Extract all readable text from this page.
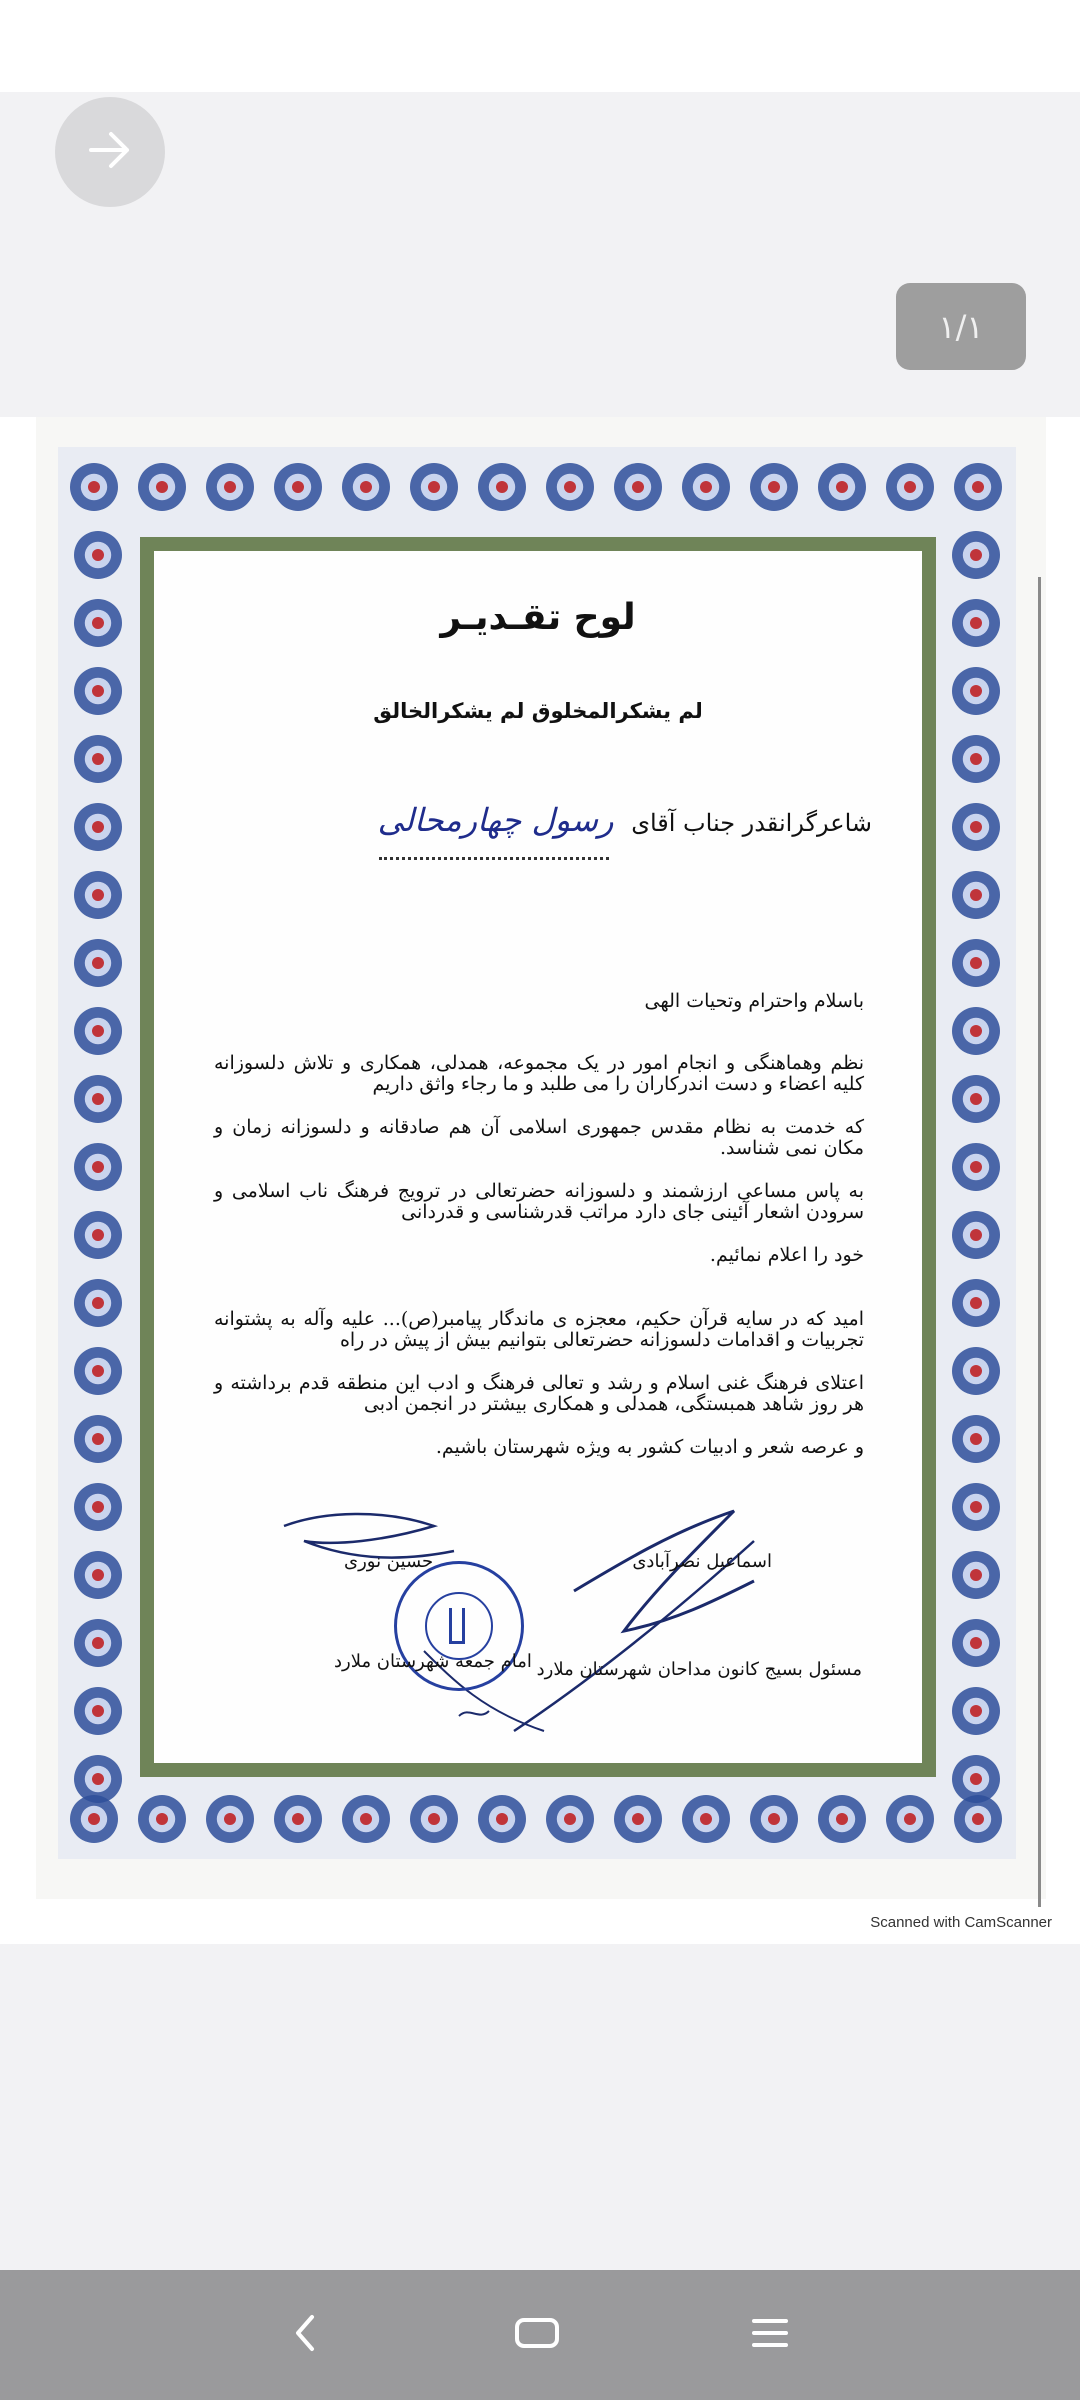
۱/۱
لوح تقـديـر
لم يشكرالمخلوق لم يشكرالخالق
شاعرگرانقدر جناب آقای رسول چهارمحالی
باسلام واحترام وتحیات الهی
نظم وهماهنگی و انجام امور در یک مجموعه، همدلی، همکاری و تلاش دلسوزانه کلیه اعضاء و دست اندرکاران را می طلبد و ما رجاء واثق داریم
که خدمت به نظام مقدس جمهوری اسلامی آن هم صادقانه و دلسوزانه زمان و مکان نمی شناسد.
به پاس مساعی ارزشمند و دلسوزانه حضرتعالی در ترویج فرهنگ ناب اسلامی و سرودن اشعار آئینی جای دارد مراتب قدرشناسی و قدردانی
خود را اعلام نمائیم.
امید که در سایه قرآن حکیم، معجزه ی ماندگار پیامبر(ص)... علیه وآله به پشتوانه تجربیات و اقدامات دلسوزانه حضرتعالی بتوانیم بیش از پیش در راه
اعتلای فرهنگ غنی اسلام و رشد و تعالی فرهنگ و ادب این منطقه قدم برداشته و هر روز شاهد همبستگی، همدلی و همکاری بیشتر در انجمن ادبی
و عرصه شعر و ادبیات کشور به ویژه شهرستان باشیم.
اسماعیل نصرآبادی
مسئول بسیج کانون مداحان شهرستان ملارد
حسین نوری
امام جمعه شهرستان ملارد
Scanned with CamScanner
